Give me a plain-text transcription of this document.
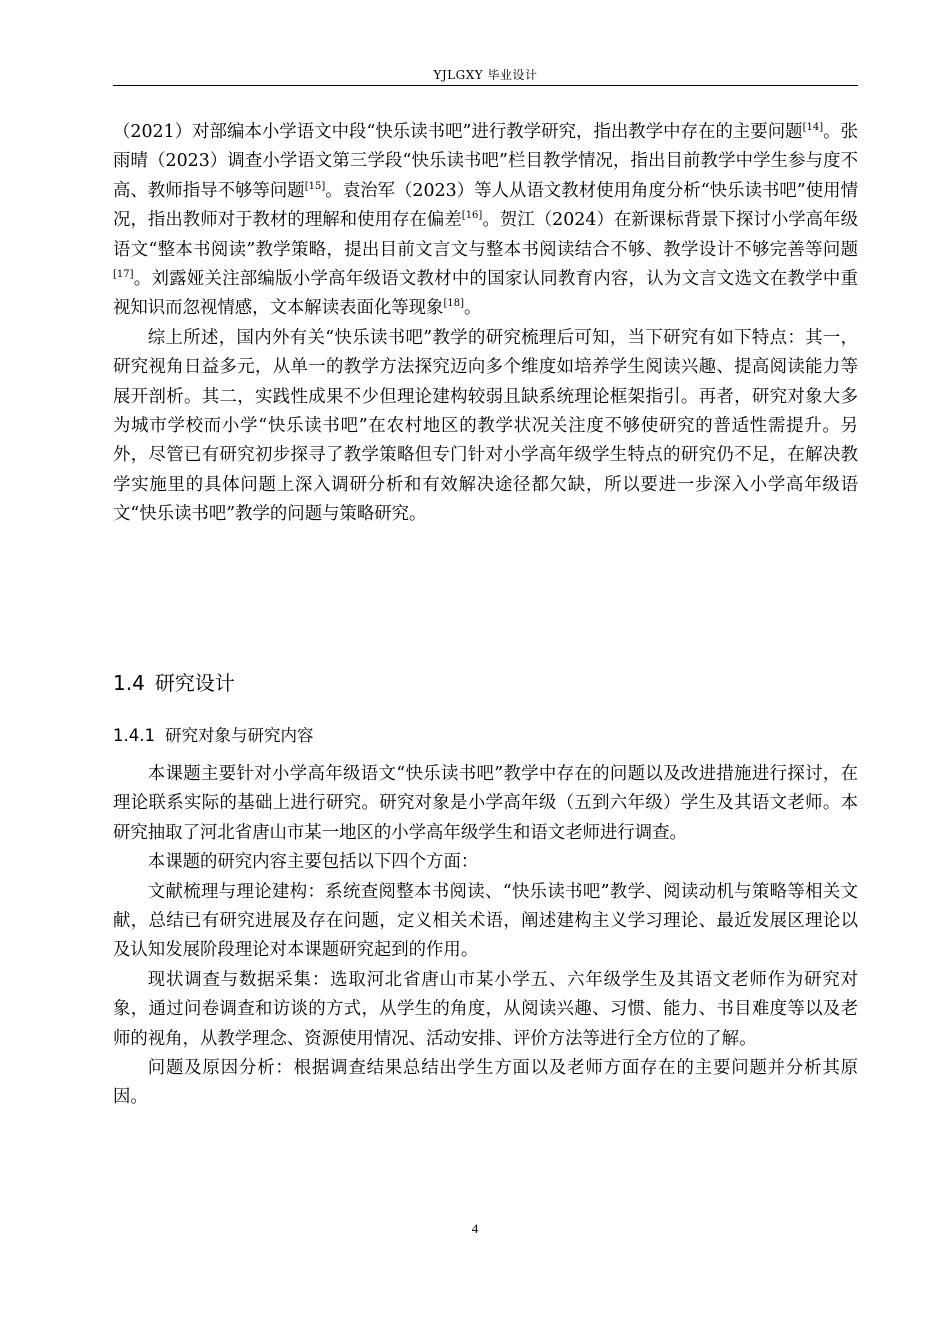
YJLGXY 毕业设计

（2021）对部编本小学语文中段“快乐读书吧”进行教学研究，指出教学中存在的主要问题[14]。张雨晴（2023）调查小学语文第三学段“快乐读书吧”栏目教学情况，指出目前教学中学生参与度不高、教师指导不够等问题[15]。袁治军（2023）等人从语文教材使用角度分析“快乐读书吧”使用情况，指出教师对于教材的理解和使用存在偏差[16]。贺江（2024）在新课标背景下探讨小学高年级语文“整本书阅读”教学策略，提出目前文言文与整本书阅读结合不够、教学设计不够完善等问题[17]。刘露娅关注部编版小学高年级语文教材中的国家认同教育内容，认为文言文选文在教学中重视知识而忽视情感，文本解读表面化等现象[18]。

综上所述，国内外有关“快乐读书吧”教学的研究梳理后可知，当下研究有如下特点：其一，研究视角日益多元，从单一的教学方法探究迈向多个维度如培养学生阅读兴趣、提高阅读能力等展开剖析。其二，实践性成果不少但理论建构较弱且缺系统理论框架指引。再者，研究对象大多为城市学校而小学“快乐读书吧”在农村地区的教学状况关注度不够使研究的普适性需提升。另外，尽管已有研究初步探寻了教学策略但专门针对小学高年级学生特点的研究仍不足，在解决教学实施里的具体问题上深入调研分析和有效解决途径都欠缺，所以要进一步深入小学高年级语文“快乐读书吧”教学的问题与策略研究。

1.4 研究设计
1.4.1 研究对象与研究内容

本课题主要针对小学高年级语文“快乐读书吧”教学中存在的问题以及改进措施进行探讨，在理论联系实际的基础上进行研究。研究对象是小学高年级（五到六年级）学生及其语文老师。本研究抽取了河北省唐山市某一地区的小学高年级学生和语文老师进行调查。

本课题的研究内容主要包括以下四个方面：

文献梳理与理论建构：系统查阅整本书阅读、“快乐读书吧”教学、阅读动机与策略等相关文献，总结已有研究进展及存在问题，定义相关术语，阐述建构主义学习理论、最近发展区理论以及认知发展阶段理论对本课题研究起到的作用。

现状调查与数据采集：选取河北省唐山市某小学五、六年级学生及其语文老师作为研究对象，通过问卷调查和访谈的方式，从学生的角度，从阅读兴趣、习惯、能力、书目难度等以及老师的视角，从教学理念、资源使用情况、活动安排、评价方法等进行全方位的了解。

问题及原因分析：根据调查结果总结出学生方面以及老师方面存在的主要问题并分析其原因。

4
